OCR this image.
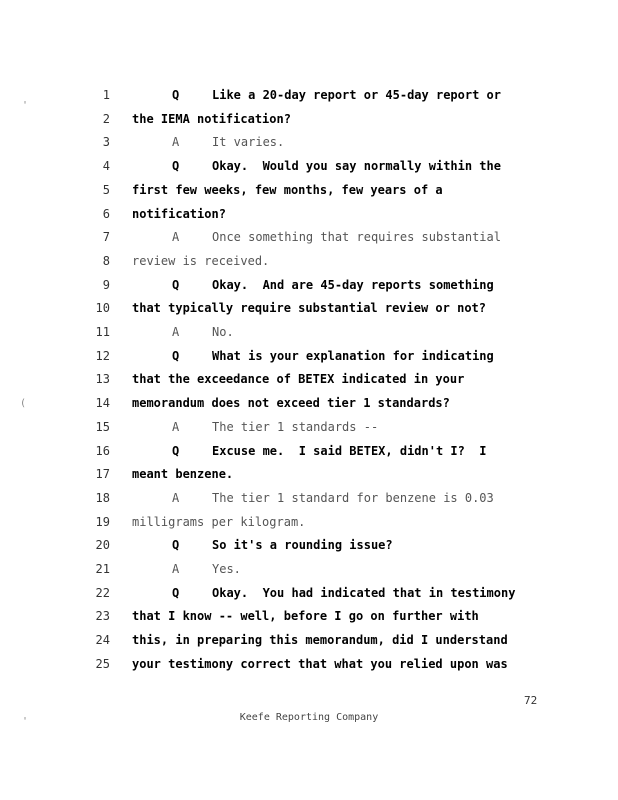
1	Q	Like a 20-day report or 45-day report or
2 the IEMA notification?
3	A	It varies.
4	Q	Okay.  Would you say normally within the
5 first few weeks, few months, few years of a
6 notification?
7	A	Once something that requires substantial
8 review is received.
9	Q	Okay.  And are 45-day reports something
10 that typically require substantial review or not?
11	A	No.
12	Q	What is your explanation for indicating
13 that the exceedance of BETEX indicated in your
14 memorandum does not exceed tier 1 standards?
15	A	The tier 1 standards --
16	Q	Excuse me.  I said BETEX, didn't I?  I
17 meant benzene.
18	A	The tier 1 standard for benzene is 0.03
19 milligrams per kilogram.
20	Q	So it's a rounding issue?
21	A	Yes.
22	Q	Okay.  You had indicated that in testimony
23 that I know -- well, before I go on further with
24 this, in preparing this memorandum, did I understand
25 your testimony correct that what you relied upon was
72
Keefe Reporting Company
'
(
'
